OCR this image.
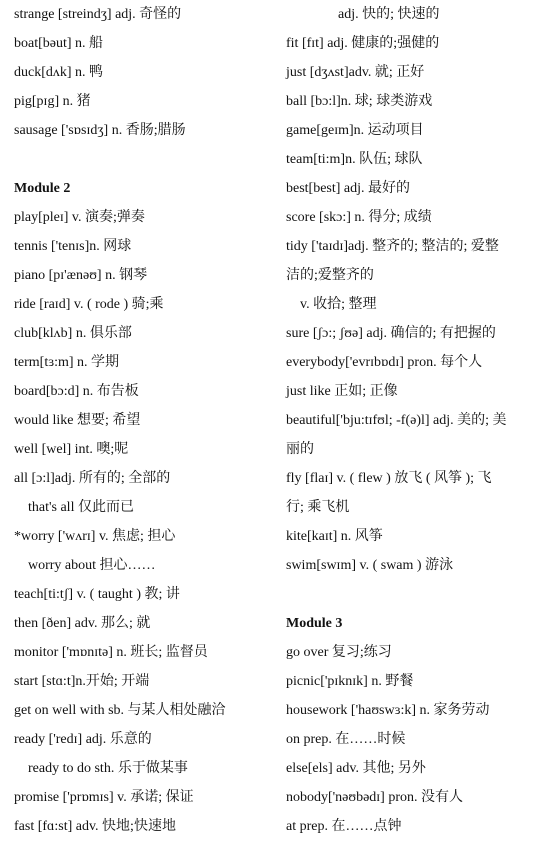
strange [streindʒ] adj. 奇怪的
boat[bəut] n. 船
duck[dʌk] n. 鸭
pig[pɪg] n. 猪
sausage ['sɒsɪdʒ] n. 香肠;腊肠
Module 2
play[pleɪ] v. 演奏;弹奏
tennis ['tenɪs]n. 网球
piano [pɪ'ænəʊ] n. 钢琴
ride [raɪd] v. ( rode ) 骑;乘
club[klʌb] n. 俱乐部
term[tɜ:m] n. 学期
board[bɔ:d] n. 布告板
would like 想要; 希望
well [wel] int. 噢;呢
all [ɔ:l]adj. 所有的; 全部的
that's all 仅此而已
*worry ['wʌrɪ] v. 焦虑; 担心
worry about 担心……
teach[ti:tʃ] v. ( taught ) 教; 讲
then [ðen] adv. 那么; 就
monitor ['mɒnɪtə] n. 班长; 监督员
start [stɑ:t]n.开始; 开端
get on well with sb. 与某人相处融洽
ready ['redɪ] adj. 乐意的
ready to do sth. 乐于做某事
promise ['prɒmɪs] v. 承诺; 保证
fast [fɑ:st] adv. 快地;快速地
adj. 快的; 快速的
fit [fɪt] adj. 健康的;强健的
just [dʒʌst]adv. 就; 正好
ball [bɔ:l]n. 球; 球类游戏
game[geɪm]n. 运动项目
team[ti:m]n. 队伍; 球队
best[best] adj. 最好的
score [skɔ:] n. 得分; 成绩
tidy ['taɪdɪ]adj. 整齐的; 整洁的; 爱整
洁的;爱整齐的
v. 收拾; 整理
sure [ʃɔ:; ʃʊə] adj. 确信的; 有把握的
everybody['evrɪbɒdɪ] pron. 每个人
just like 正如; 正像
beautiful['bju:tɪfʊl; -f(ə)l] adj. 美的; 美
丽的
fly [flaɪ] v. ( flew ) 放飞 ( 风筝 ); 飞
行; 乘飞机
kite[kaɪt] n. 风筝
swim[swɪm] v. ( swam ) 游泳
Module 3
go over 复习;练习
picnic['pɪknɪk] n. 野餐
housework ['haʊswɜ:k] n. 家务劳动
on prep. 在……时候
else[els] adv. 其他; 另外
nobody['nəʊbədɪ] pron. 没有人
at prep. 在……点钟
